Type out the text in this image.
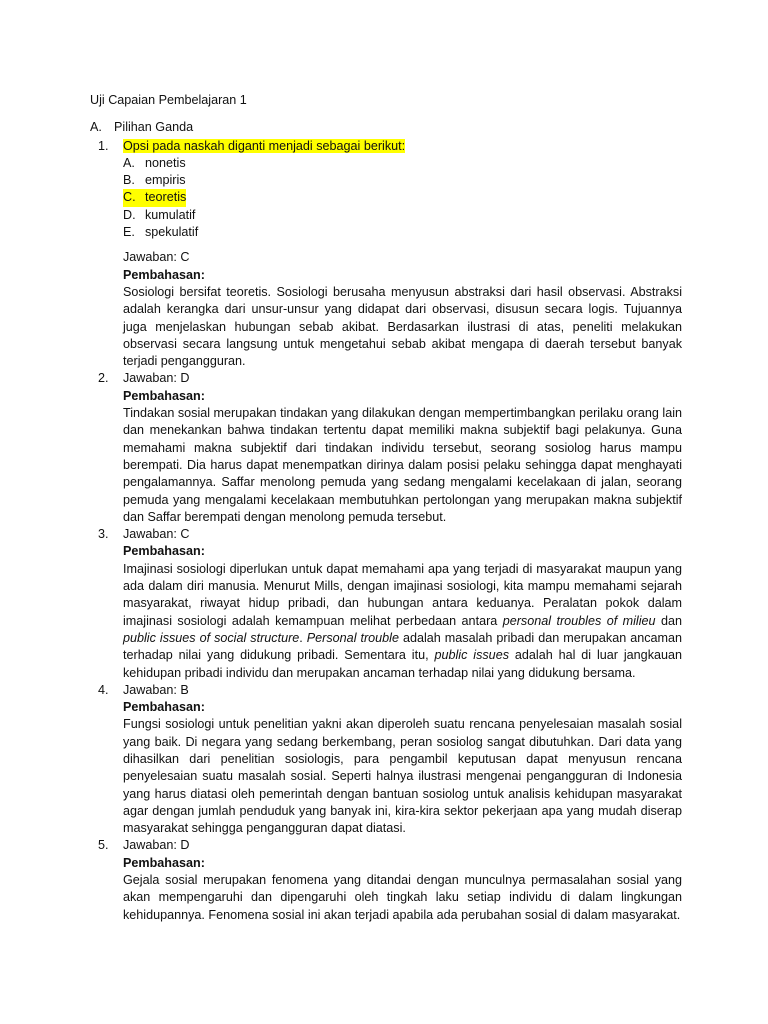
Uji Capaian Pembelajaran 1

A. Pilihan Ganda
1.	Opsi pada naskah diganti menjadi sebagai berikut:
A. nonetis
B. empiris
C. teoretis
D. kumulatif
E. spekulatif
Jawaban: C
Pembahasan:

Sosiologi bersifat teoretis. Sosiologi berusaha menyusun abstraksi dari hasil observasi. Abstraksi adalah kerangka dari unsur-unsur yang didapat dari observasi, disusun secara logis. Tujuannya juga menjelaskan hubungan sebab akibat. Berdasarkan ilustrasi di atas, peneliti melakukan observasi secara langsung untuk mengetahui sebab akibat mengapa di daerah tersebut banyak terjadi pengangguran.

2.	Jawaban: D
Pembahasan:

Tindakan sosial merupakan tindakan yang dilakukan dengan mempertimbangkan perilaku orang lain dan menekankan bahwa tindakan tertentu dapat memiliki makna subjektif bagi pelakunya. Guna memahami makna subjektif dari tindakan individu tersebut, seorang sosiolog harus mampu berempati. Dia harus dapat menempatkan dirinya dalam posisi pelaku sehingga dapat menghayati pengalamannya. Saffar menolong pemuda yang sedang mengalami kecelakaan di jalan, seorang pemuda yang mengalami kecelakaan membutuhkan pertolongan yang merupakan makna subjektif dan Saffar berempati dengan menolong pemuda tersebut.

3.	Jawaban: C
Pembahasan:

Imajinasi sosiologi diperlukan untuk dapat memahami apa yang terjadi di masyarakat maupun yang ada dalam diri manusia. Menurut Mills, dengan imajinasi sosiologi, kita mampu memahami sejarah masyarakat, riwayat hidup pribadi, dan hubungan antara keduanya. Peralatan pokok dalam imajinasi sosiologi adalah kemampuan melihat perbedaan antara personal troubles of milieu dan public issues of social structure. Personal trouble adalah masalah pribadi dan merupakan ancaman terhadap nilai yang didukung pribadi. Sementara itu, public issues adalah hal di luar jangkauan kehidupan pribadi individu dan merupakan ancaman terhadap nilai yang didukung bersama.

4.	Jawaban: B
Pembahasan:

Fungsi sosiologi untuk penelitian yakni akan diperoleh suatu rencana penyelesaian masalah sosial yang baik. Di negara yang sedang berkembang, peran sosiolog sangat dibutuhkan. Dari data yang dihasilkan dari penelitian sosiologis, para pengambil keputusan dapat menyusun rencana penyelesaian suatu masalah sosial. Seperti halnya ilustrasi mengenai pengangguran di Indonesia yang harus diatasi oleh pemerintah dengan bantuan sosiolog untuk analisis kehidupan masyarakat agar dengan jumlah penduduk yang banyak ini, kira-kira sektor pekerjaan apa yang mudah diserap masyarakat sehingga pengangguran dapat diatasi.

5.	Jawaban: D
Pembahasan:

Gejala sosial merupakan fenomena yang ditandai dengan munculnya permasalahan sosial yang akan mempengaruhi dan dipengaruhi oleh tingkah laku setiap individu di dalam lingkungan kehidupannya. Fenomena sosial ini akan terjadi apabila ada perubahan sosial di dalam masyarakat.
